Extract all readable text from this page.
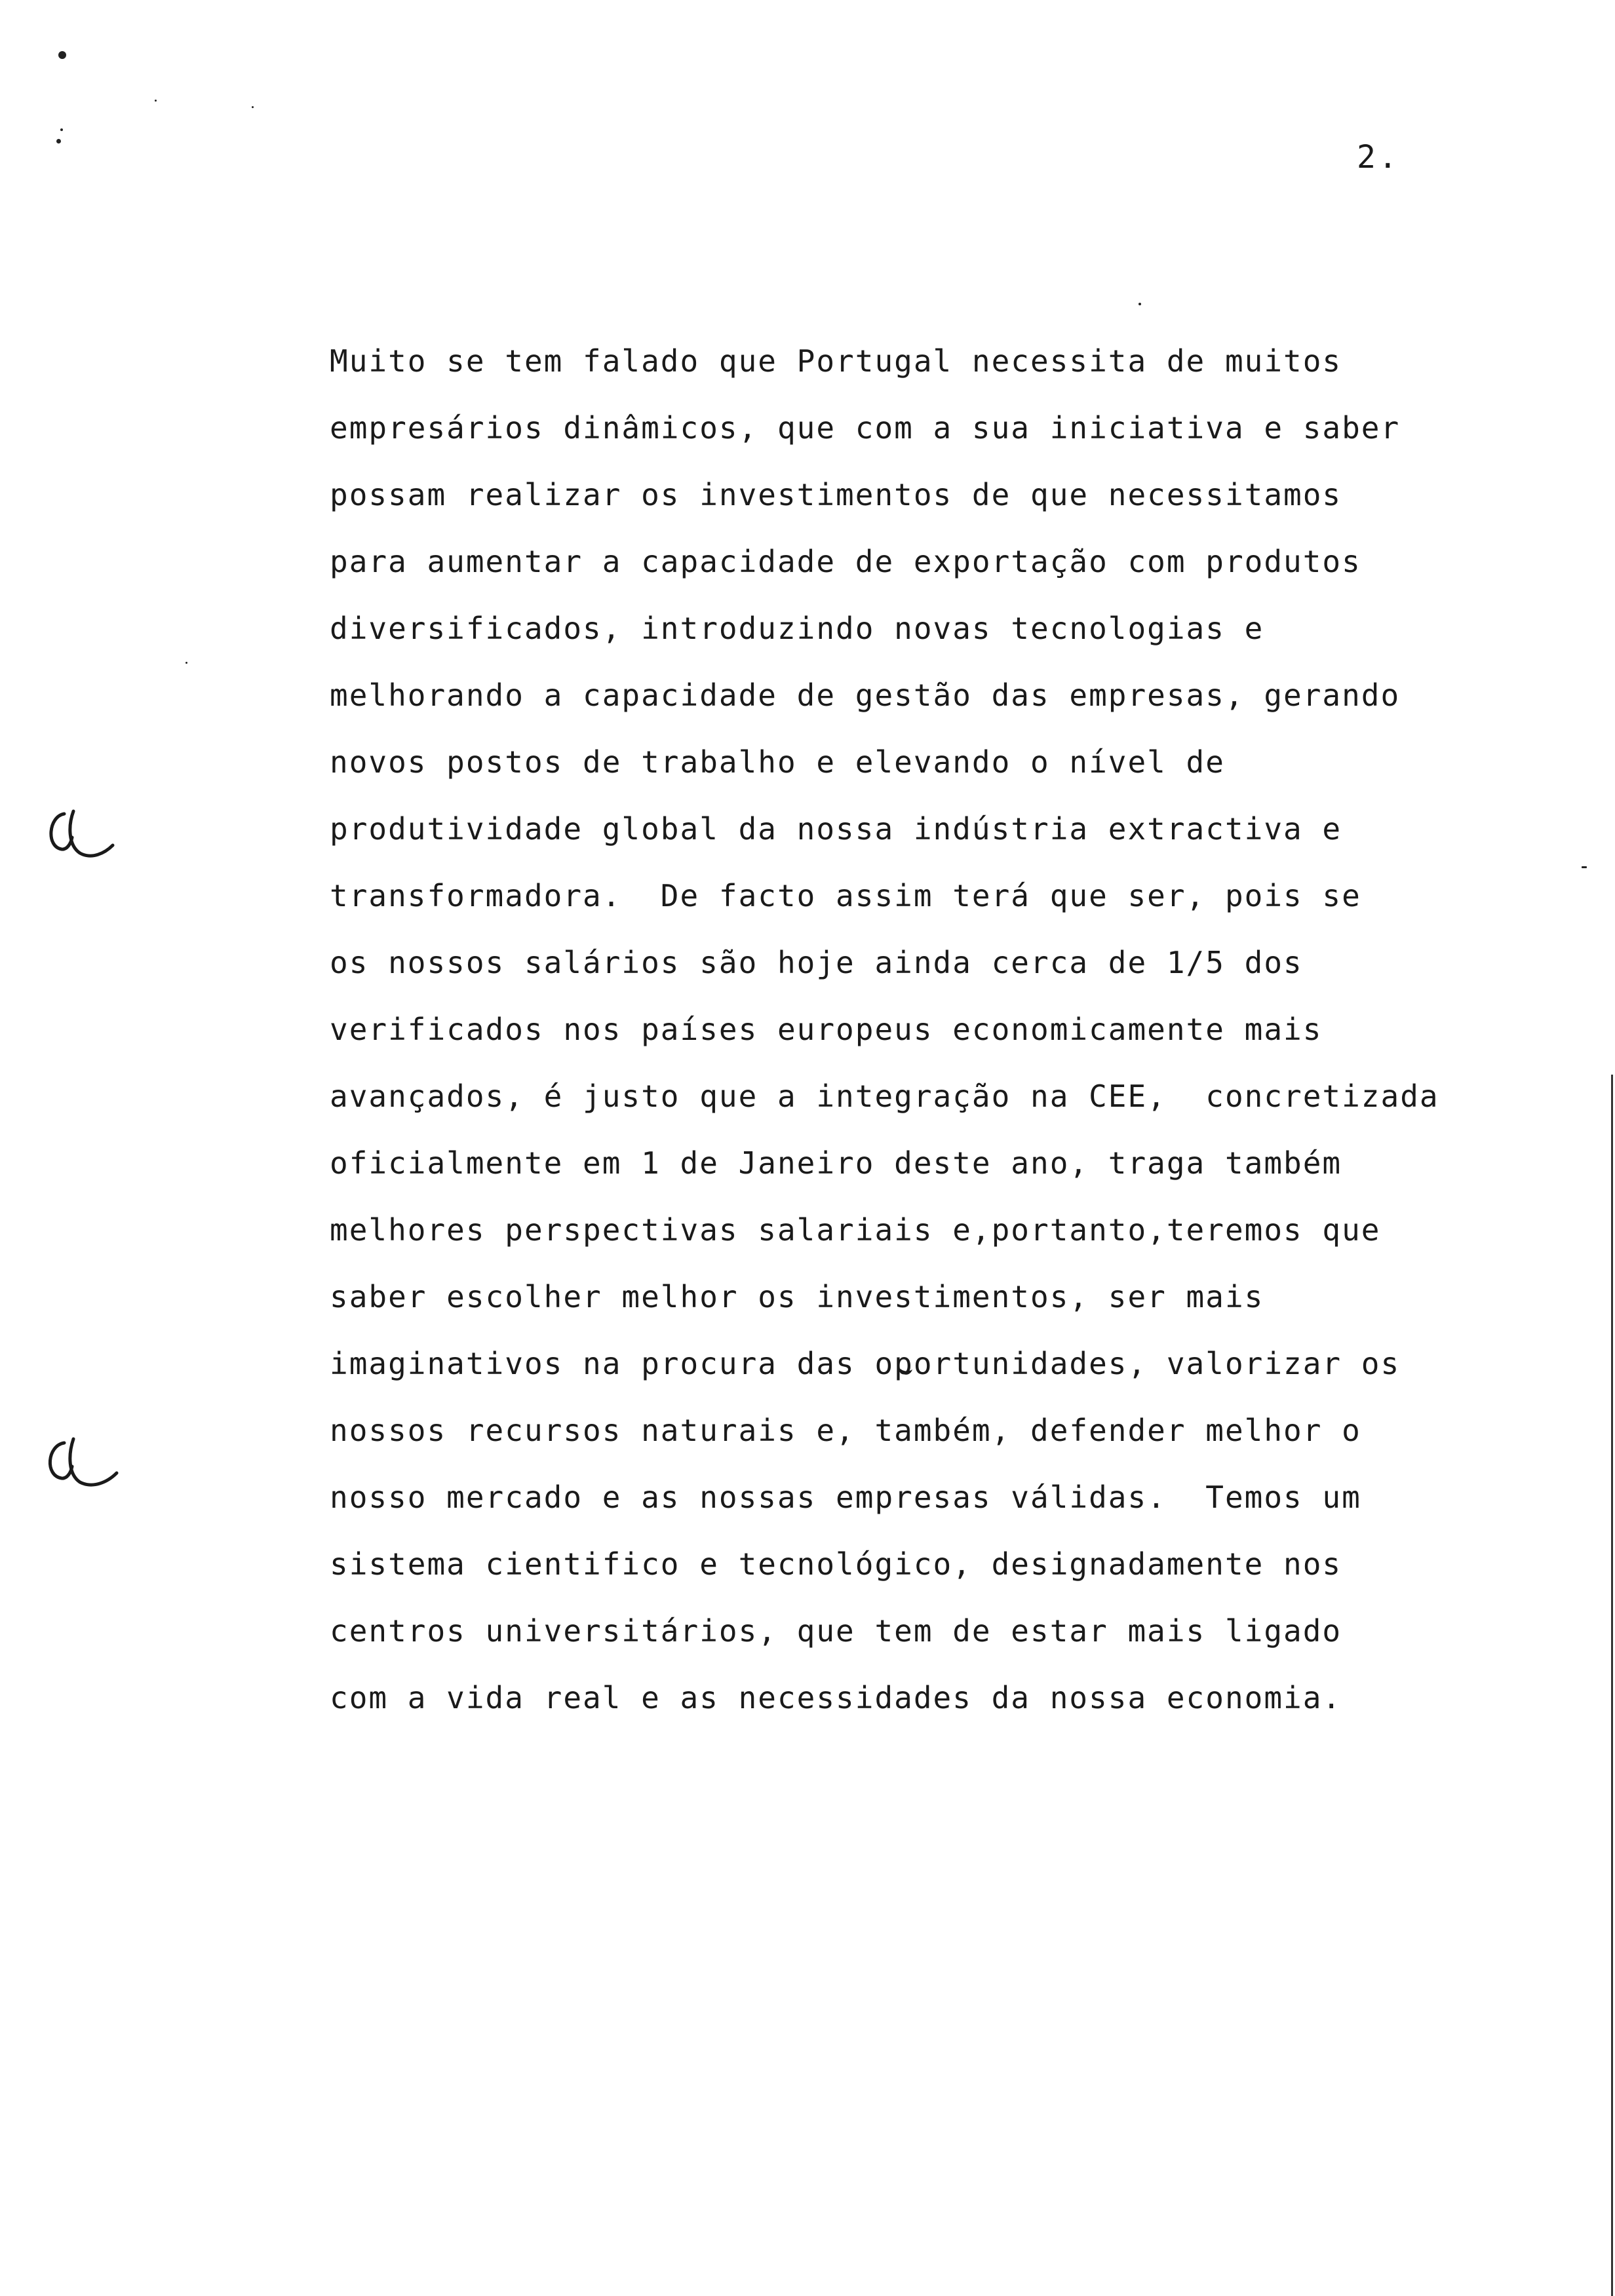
2.
Muito se tem falado que Portugal necessita de muitos
empresários dinâmicos, que com a sua iniciativa e saber
possam realizar os investimentos de que necessitamos
para aumentar a capacidade de exportação com produtos
diversificados, introduzindo novas tecnologias e
melhorando a capacidade de gestão das empresas, gerando
novos postos de trabalho e elevando o nível de
produtividade global da nossa indústria extractiva e
transformadora.  De facto assim terá que ser, pois se
os nossos salários são hoje ainda cerca de 1/5 dos
verificados nos países europeus economicamente mais
avançados, é justo que a integração na CEE,  concretizada
oficialmente em 1 de Janeiro deste ano, traga também
melhores perspectivas salariais e,portanto,teremos que
saber escolher melhor os investimentos, ser mais
imaginativos na procura das oportunidades, valorizar os
nossos recursos naturais e, também, defender melhor o
nosso mercado e as nossas empresas válidas.  Temos um
sistema cientifico e tecnológico, designadamente nos
centros universitários, que tem de estar mais ligado
com a vida real e as necessidades da nossa economia.
